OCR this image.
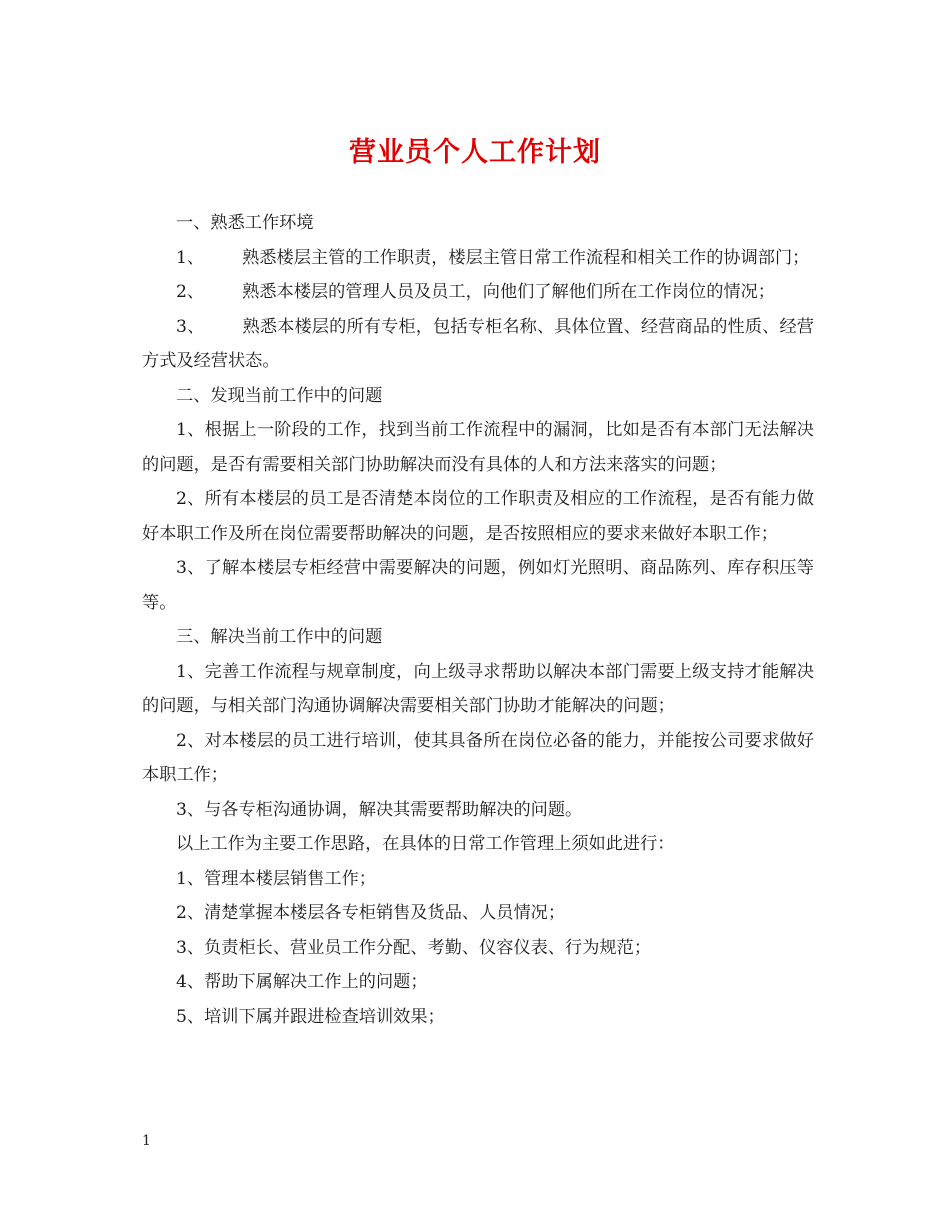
营业员个人工作计划

一、熟悉工作环境

1、 熟悉楼层主管的工作职责，楼层主管日常工作流程和相关工作的协调部门；

2、 熟悉本楼层的管理人员及员工，向他们了解他们所在工作岗位的情况；

3、 熟悉本楼层的所有专柜，包括专柜名称、具体位置、经营商品的性质、经营方式及经营状态。

二、发现当前工作中的问题

1、根据上一阶段的工作，找到当前工作流程中的漏洞，比如是否有本部门无法解决的问题，是否有需要相关部门协助解决而没有具体的人和方法来落实的问题；

2、所有本楼层的员工是否清楚本岗位的工作职责及相应的工作流程，是否有能力做好本职工作及所在岗位需要帮助解决的问题，是否按照相应的要求来做好本职工作；

3、了解本楼层专柜经营中需要解决的问题，例如灯光照明、商品陈列、库存积压等等。

三、解决当前工作中的问题

1、完善工作流程与规章制度，向上级寻求帮助以解决本部门需要上级支持才能解决的问题，与相关部门沟通协调解决需要相关部门协助才能解决的问题；

2、对本楼层的员工进行培训，使其具备所在岗位必备的能力，并能按公司要求做好本职工作；

3、与各专柜沟通协调，解决其需要帮助解决的问题。

以上工作为主要工作思路，在具体的日常工作管理上须如此进行：

1、管理本楼层销售工作；

2、清楚掌握本楼层各专柜销售及货品、人员情况；

3、负责柜长、营业员工作分配、考勤、仪容仪表、行为规范；

4、帮助下属解决工作上的问题；

5、培训下属并跟进检查培训效果；

1
